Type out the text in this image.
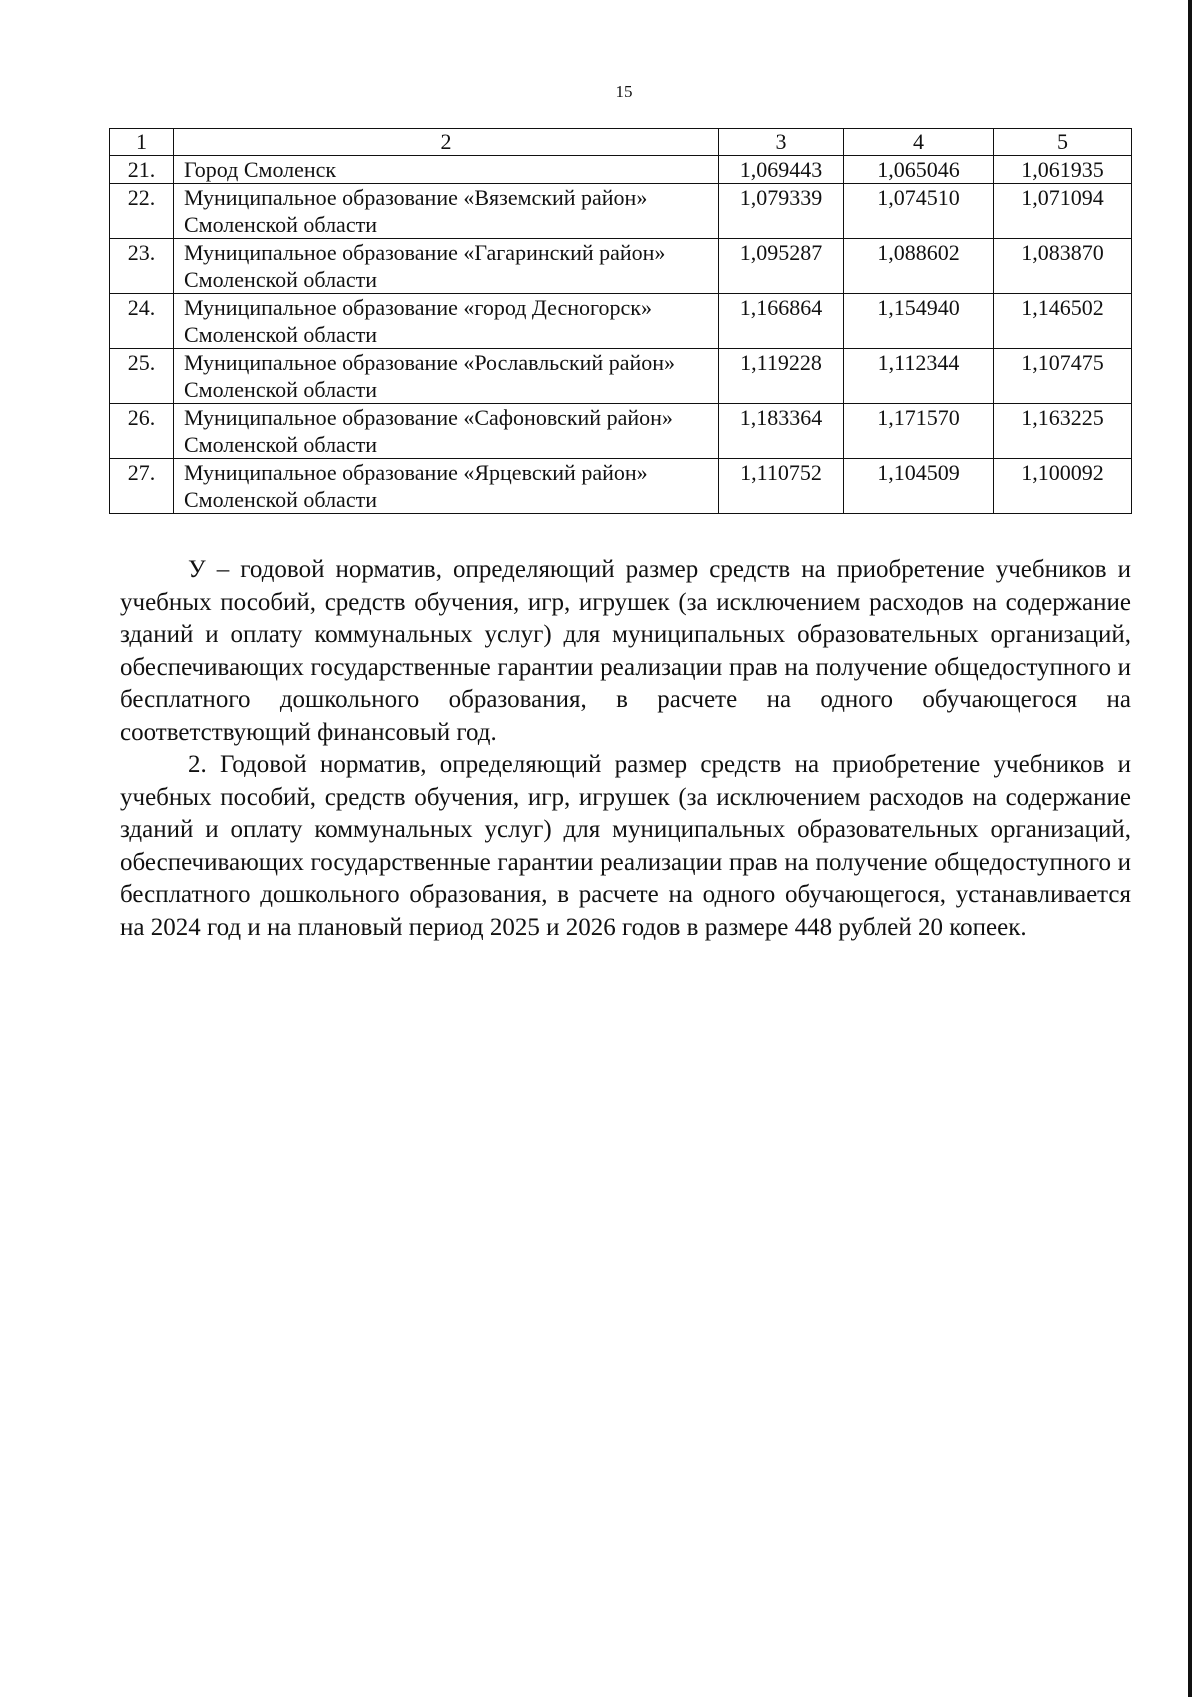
15
1	2	3	4	5
21.	Город Смоленск	1,069443	1,065046	1,061935
22.	Муниципальное образование «Вяземский район» Смоленской области	1,079339	1,074510	1,071094
23.	Муниципальное образование «Гагаринский район» Смоленской области	1,095287	1,088602	1,083870
24.	Муниципальное образование «город Десногорск» Смоленской области	1,166864	1,154940	1,146502
25.	Муниципальное образование «Рославльский район» Смоленской области	1,119228	1,112344	1,107475
26.	Муниципальное образование «Сафоновский район» Смоленской области	1,183364	1,171570	1,163225
27.	Муниципальное образование «Ярцевский район» Смоленской области	1,110752	1,104509	1,100092

У – годовой норматив, определяющий размер средств на приобретение учебников и учебных пособий, средств обучения, игр, игрушек (за исключением расходов на содержание зданий и оплату коммунальных услуг) для муниципальных образовательных организаций, обеспечивающих государственные гарантии реализации прав на получение общедоступного и бесплатного дошкольного образования, в расчете на одного обучающегося на соответствующий финансовый год.

2. Годовой норматив, определяющий размер средств на приобретение учебников и учебных пособий, средств обучения, игр, игрушек (за исключением расходов на содержание зданий и оплату коммунальных услуг) для муниципальных образовательных организаций, обеспечивающих государственные гарантии реализации прав на получение общедоступного и бесплатного дошкольного образования, в расчете на одного обучающегося, устанавливается на 2024 год и на плановый период 2025 и 2026 годов в размере 448 рублей 20 копеек.
